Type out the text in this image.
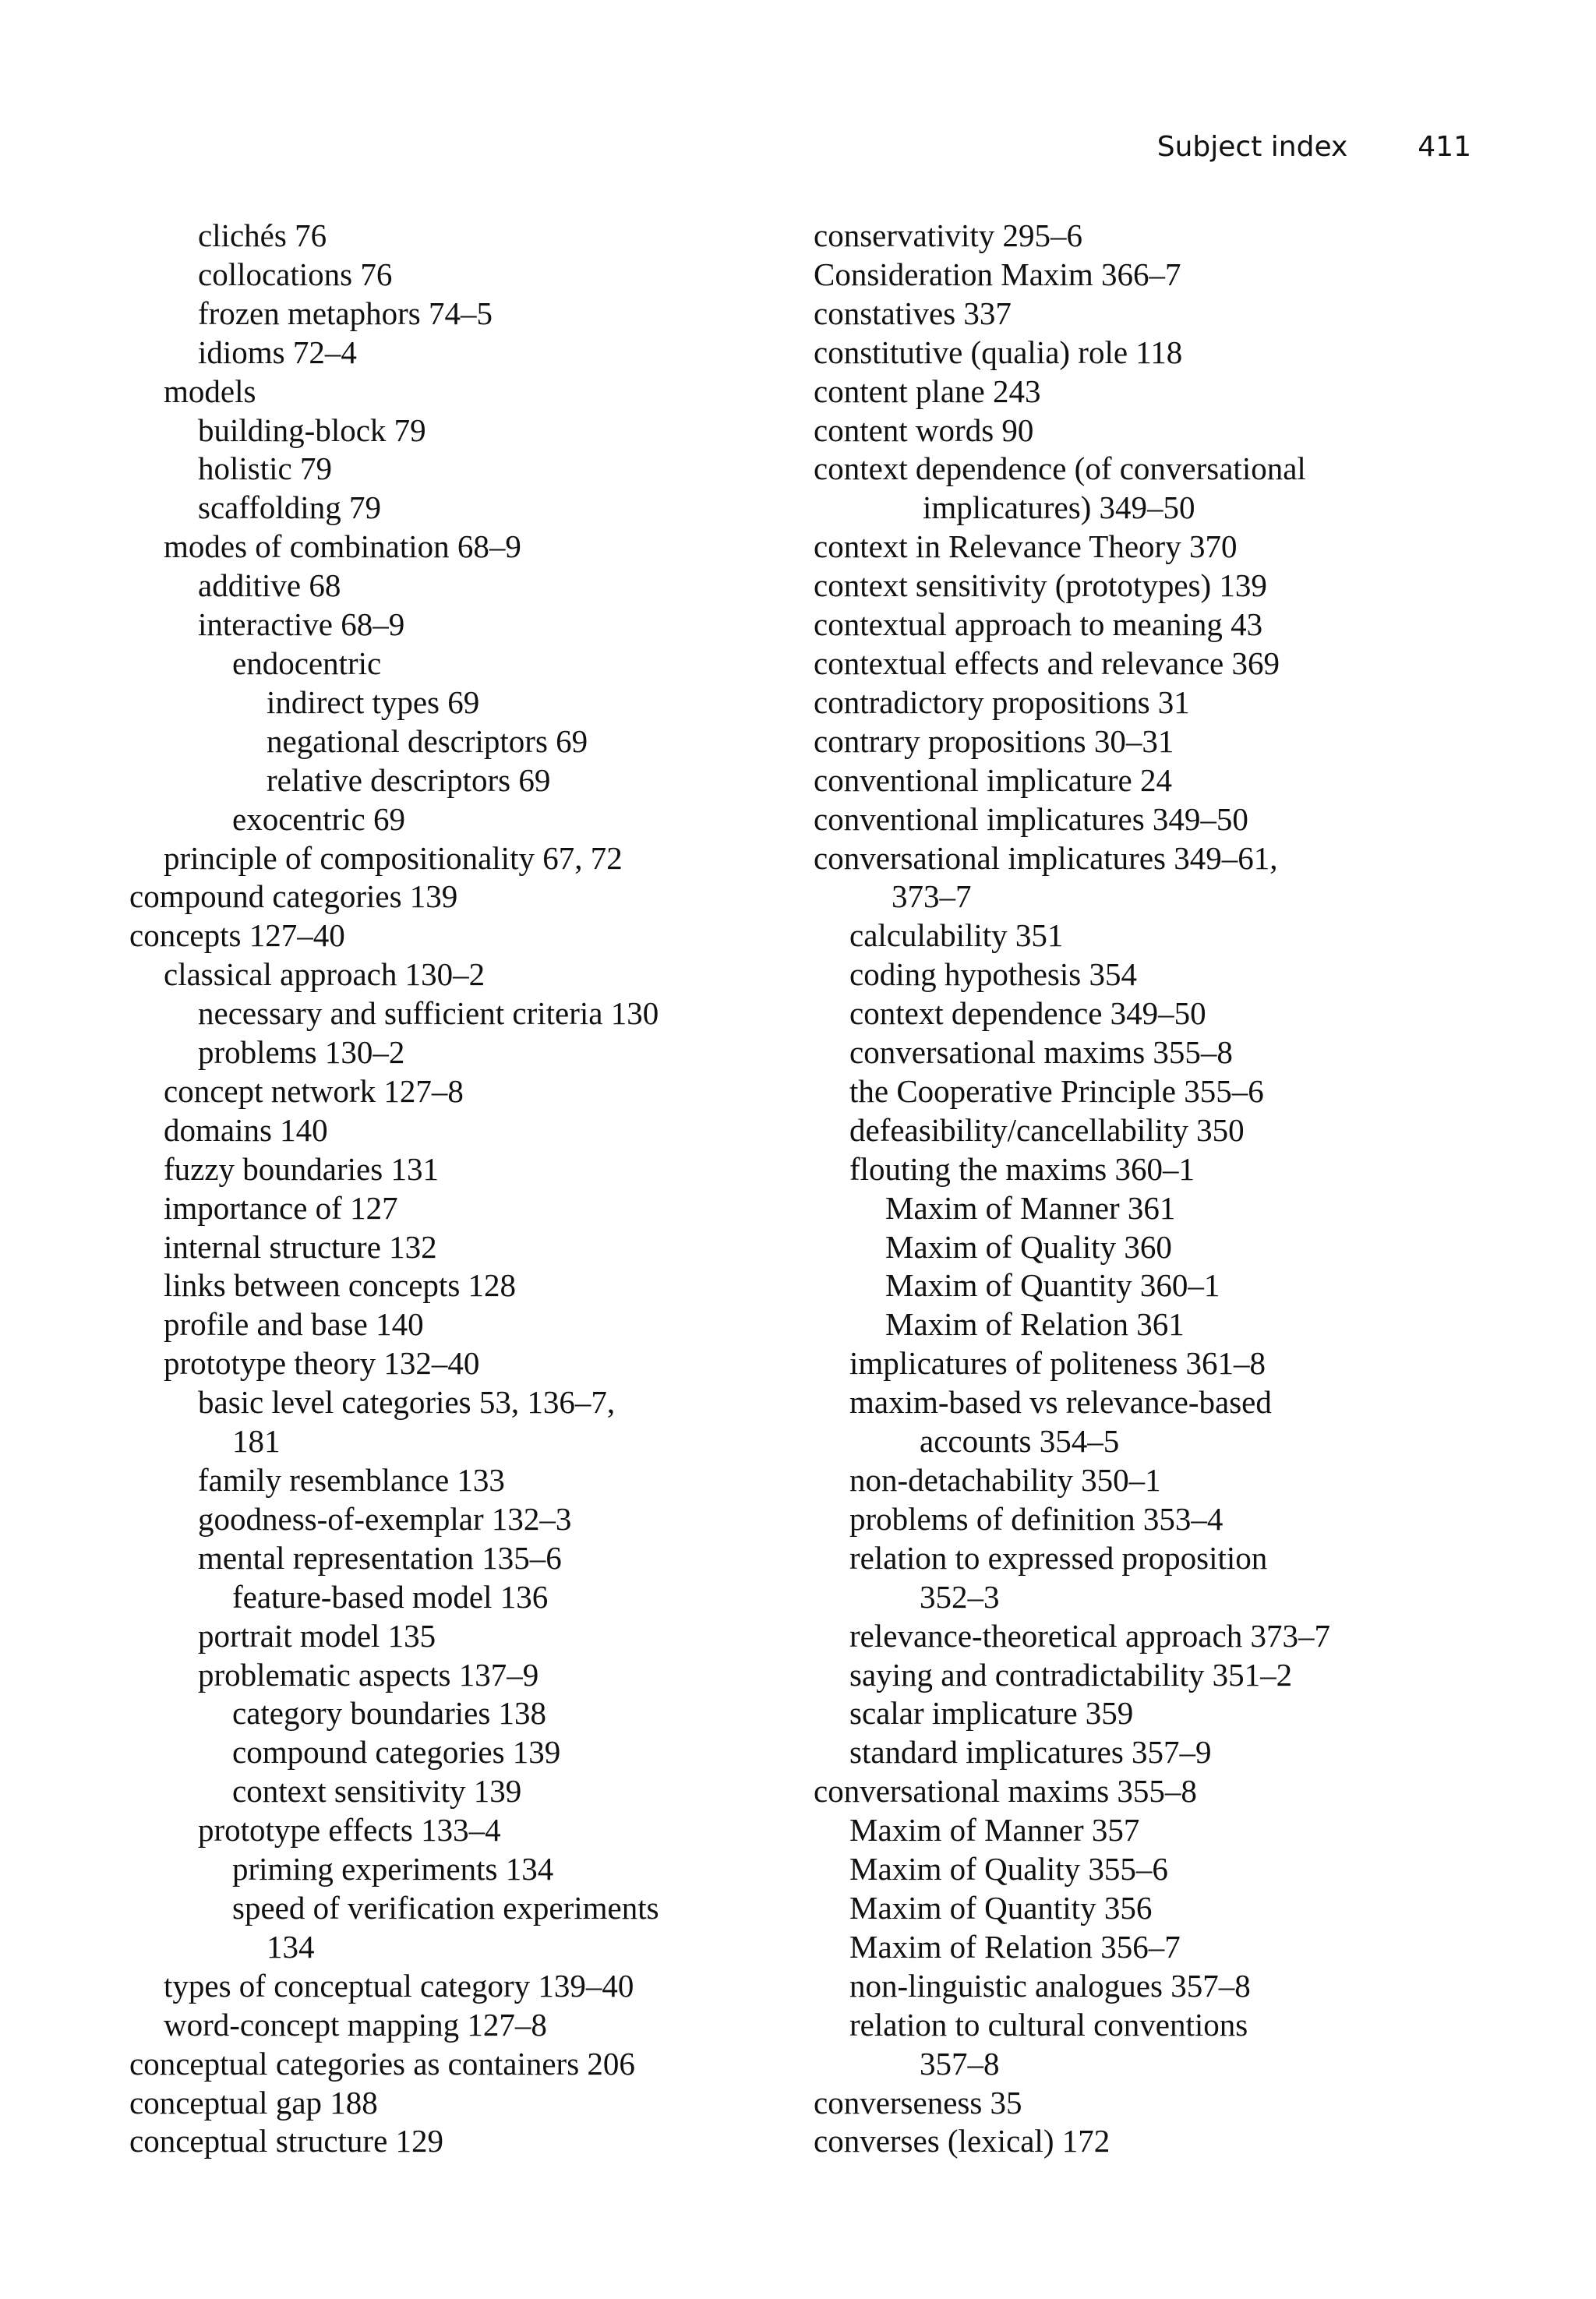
Subject index	411
clichés 76
collocations 76
frozen metaphors 74–5
idioms 72–4
models
building-block 79
holistic 79
scaffolding 79
modes of combination 68–9
additive 68
interactive 68–9
endocentric
indirect types 69
negational descriptors 69
relative descriptors 69
exocentric 69
principle of compositionality 67, 72
compound categories 139
concepts 127–40
classical approach 130–2
necessary and sufficient criteria 130
problems 130–2
concept network 127–8
domains 140
fuzzy boundaries 131
importance of 127
internal structure 132
links between concepts 128
profile and base 140
prototype theory 132–40
basic level categories 53, 136–7,
181
family resemblance 133
goodness-of-exemplar 132–3
mental representation 135–6
feature-based model 136
portrait model 135
problematic aspects 137–9
category boundaries 138
compound categories 139
context sensitivity 139
prototype effects 133–4
priming experiments 134
speed of verification experiments
134
types of conceptual category 139–40
word-concept mapping 127–8
conceptual categories as containers 206
conceptual gap 188
conceptual structure 129
conservativity 295–6
Consideration Maxim 366–7
constatives 337
constitutive (qualia) role 118
content plane 243
content words 90
context dependence (of conversational
implicatures) 349–50
context in Relevance Theory 370
context sensitivity (prototypes) 139
contextual approach to meaning 43
contextual effects and relevance 369
contradictory propositions 31
contrary propositions 30–31
conventional implicature 24
conventional implicatures 349–50
conversational implicatures 349–61,
373–7
calculability 351
coding hypothesis 354
context dependence 349–50
conversational maxims 355–8
the Cooperative Principle 355–6
defeasibility/cancellability 350
flouting the maxims 360–1
Maxim of Manner 361
Maxim of Quality 360
Maxim of Quantity 360–1
Maxim of Relation 361
implicatures of politeness 361–8
maxim-based vs relevance-based
accounts 354–5
non-detachability 350–1
problems of definition 353–4
relation to expressed proposition
352–3
relevance-theoretical approach 373–7
saying and contradictability 351–2
scalar implicature 359
standard implicatures 357–9
conversational maxims 355–8
Maxim of Manner 357
Maxim of Quality 355–6
Maxim of Quantity 356
Maxim of Relation 356–7
non-linguistic analogues 357–8
relation to cultural conventions
357–8
converseness 35
converses (lexical) 172
